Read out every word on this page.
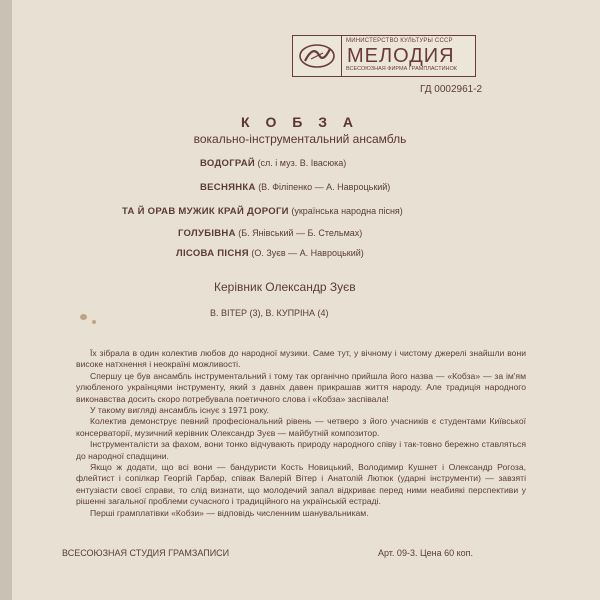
МИНИСТЕРСТВО КУЛЬТУРЫ СССР
МЕЛОДИЯ
ВСЕСОЮЗНАЯ ФИРМА ГРАМПЛАСТИНОК
ГД 0002961-2
К О Б З А
вокально-інструментальний ансамбль
ВОДОГРАЙ (сл. і муз. В. Івасюка)
ВЕСНЯНКА (В. Філіпенко — А. Навроцький)
ТА Й ОРАВ МУЖИК КРАЙ ДОРОГИ (українська народна пісня)
ГОЛУБІВНА (Б. Янівський — Б. Стельмах)
ЛІСОВА ПІСНЯ (О. Зуєв — А. Навроцький)
Керівник Олександр Зуєв
В. ВІТЕР (3), В. КУПРІНА (4)

Їх зібрала в один колектив любов до народної музики. Саме тут, у вічному і чистому джерелі знайшли вони високе натхнення і неокраїні можливості.

Спершу це був ансамбль інструментальний і тому так органічно прийшла його назва — «Кобза» — за ім'ям улюбленого українцями інструменту, який з давніх давен прикрашав життя народу. Але традиція народного виконавства досить скоро потребувала поетичного слова і «Кобза» заспівала!

У такому вигляді ансамбль існує з 1971 року.

Колектив демонструє певний професіональний рівень — четверо з його учасників є студентами Київської консерваторії, музичний керівник Олександр Зуєв — майбутній композитор.

Інструменталісти за фахом, вони тонко відчувають природу народного співу і так-товно бережно ставляться до народної спадщини.

Якщо ж додати, що всі вони — бандуристи Кость Новицький, Володимир Кушнет і Олександр Рогоза, флейтист і сопілкар Георгій Гарбар, співак Валерій Вітер і Анатолій Лютюк (ударні інструменти) — завзяті ентузіасти своєї справи, то слід визнати, що молодечий запал відкриває перед ними неабиякі перспективи у рішенні загальної проблеми сучасного і традиційного на українській естраді.

Перші грамплатівки «Кобзи» — відповідь численним шанувальникам.

ВСЕСОЮЗНАЯ СТУДИЯ ГРАМЗАПИСИ	Арт. 09-3. Цена 60 коп.
